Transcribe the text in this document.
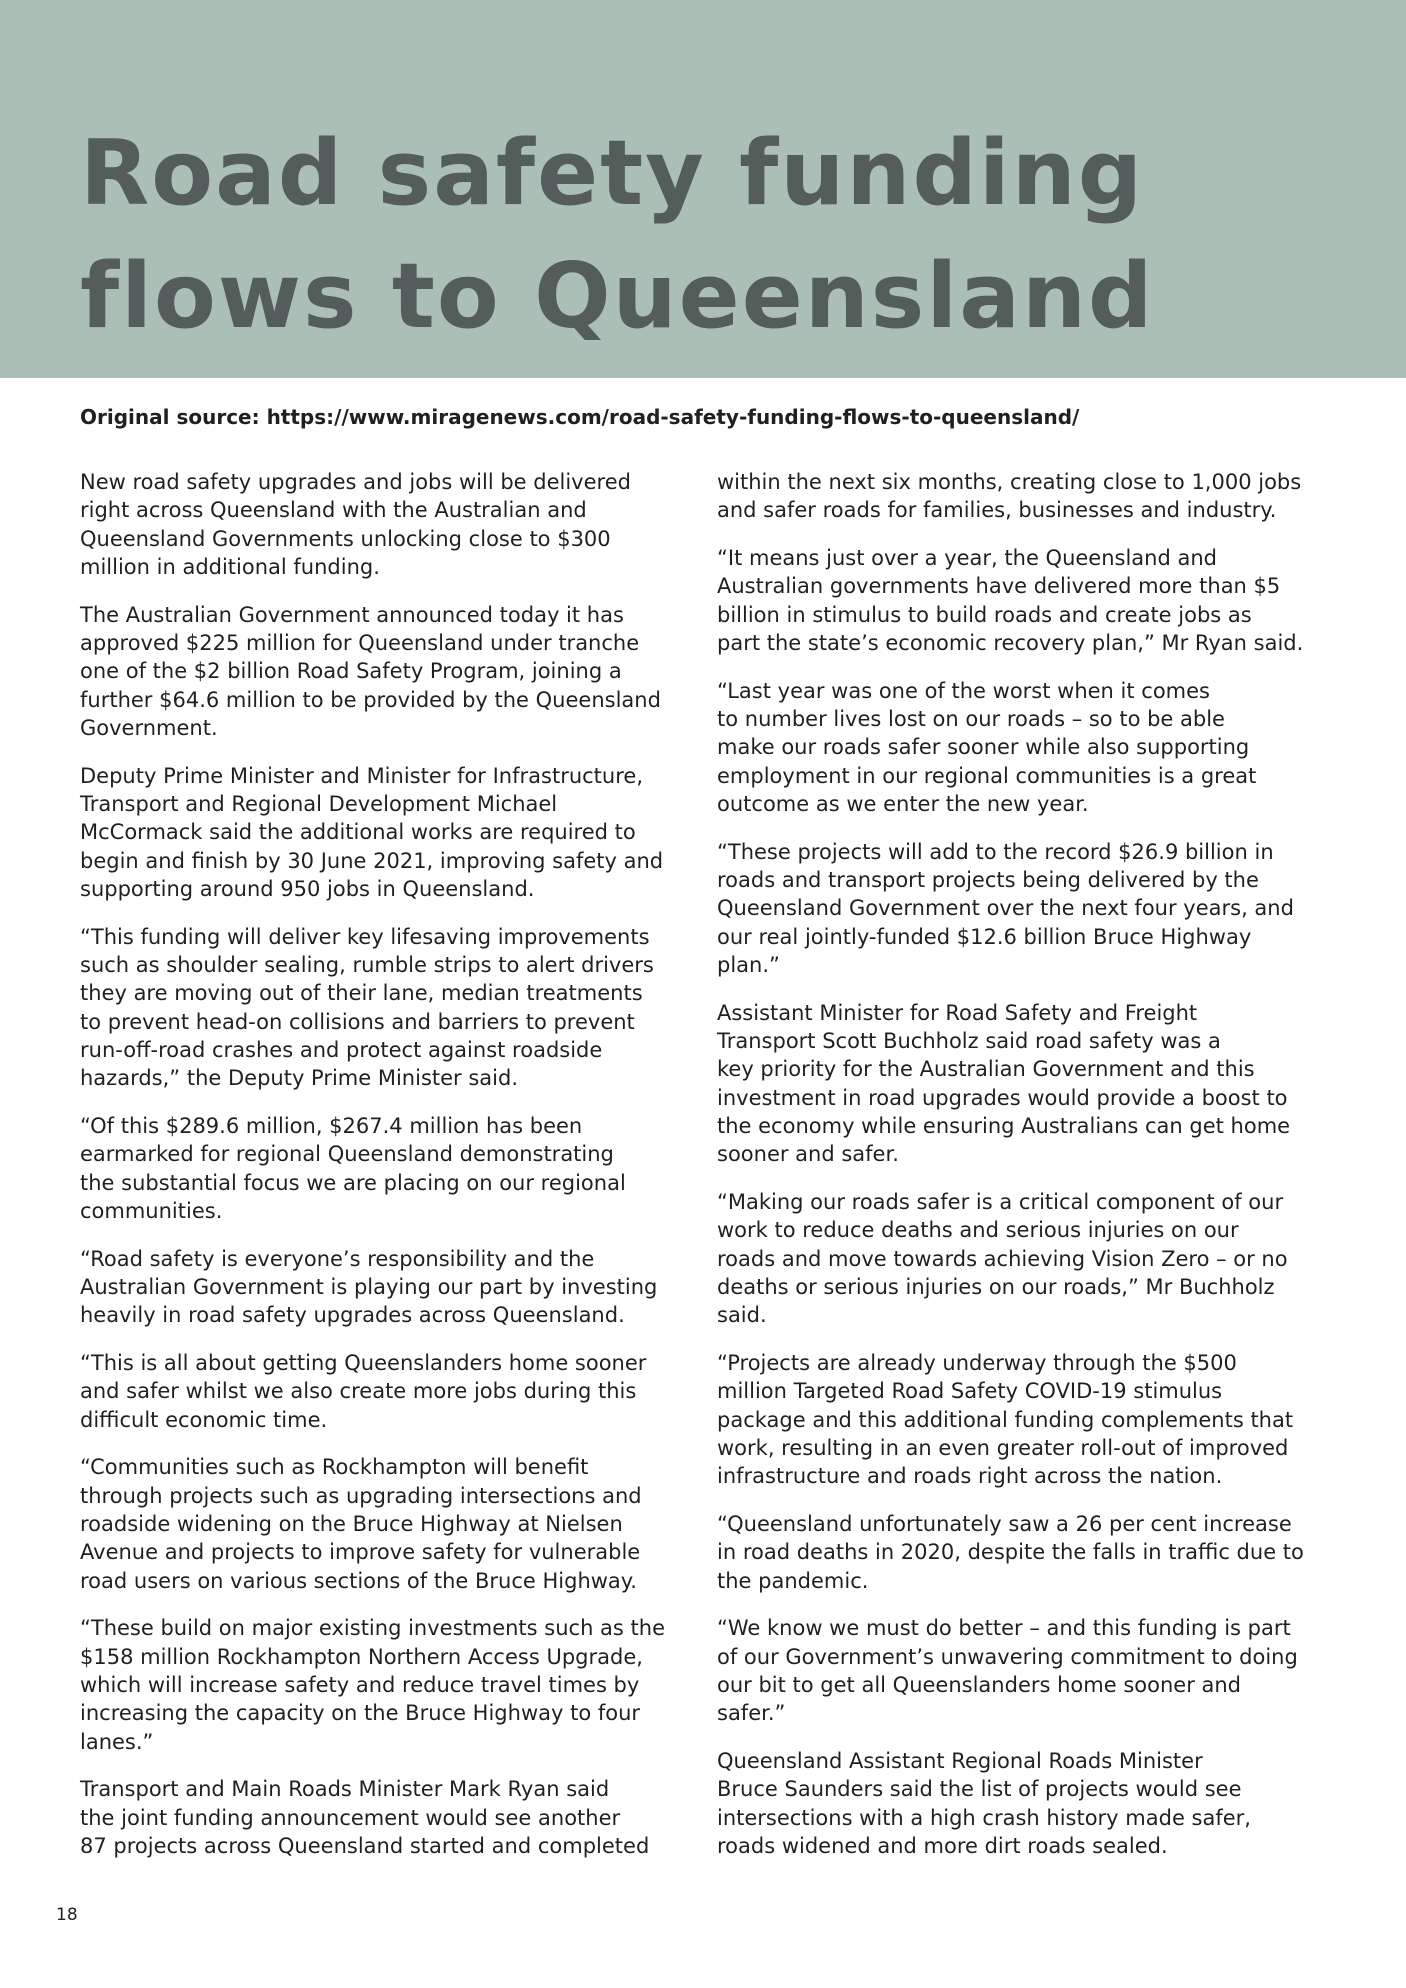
Road safety funding
flows to Queensland
Original source: https://www.miragenews.com/road-safety-funding-flows-to-queensland/

New road safety upgrades and jobs will be delivered
right across Queensland with the Australian and
Queensland Governments unlocking close to $300
million in additional funding.

The Australian Government announced today it has
approved $225 million for Queensland under tranche
one of the $2 billion Road Safety Program, joining a
further $64.6 million to be provided by the Queensland
Government.

Deputy Prime Minister and Minister for Infrastructure,
Transport and Regional Development Michael
McCormack said the additional works are required to
begin and finish by 30 June 2021, improving safety and
supporting around 950 jobs in Queensland.

“This funding will deliver key lifesaving improvements
such as shoulder sealing, rumble strips to alert drivers
they are moving out of their lane, median treatments
to prevent head-on collisions and barriers to prevent
run-off-road crashes and protect against roadside
hazards,” the Deputy Prime Minister said.

“Of this $289.6 million, $267.4 million has been
earmarked for regional Queensland demonstrating
the substantial focus we are placing on our regional
communities.

“Road safety is everyone’s responsibility and the
Australian Government is playing our part by investing
heavily in road safety upgrades across Queensland.

“This is all about getting Queenslanders home sooner
and safer whilst we also create more jobs during this
difficult economic time.

“Communities such as Rockhampton will benefit
through projects such as upgrading intersections and
roadside widening on the Bruce Highway at Nielsen
Avenue and projects to improve safety for vulnerable
road users on various sections of the Bruce Highway.

“These build on major existing investments such as the
$158 million Rockhampton Northern Access Upgrade,
which will increase safety and reduce travel times by
increasing the capacity on the Bruce Highway to four
lanes.”

Transport and Main Roads Minister Mark Ryan said
the joint funding announcement would see another
87 projects across Queensland started and completed

within the next six months, creating close to 1,000 jobs
and safer roads for families, businesses and industry.

“It means just over a year, the Queensland and
Australian governments have delivered more than $5
billion in stimulus to build roads and create jobs as
part the state’s economic recovery plan,” Mr Ryan said.

“Last year was one of the worst when it comes
to number lives lost on our roads – so to be able
make our roads safer sooner while also supporting
employment in our regional communities is a great
outcome as we enter the new year.

“These projects will add to the record $26.9 billion in
roads and transport projects being delivered by the
Queensland Government over the next four years, and
our real jointly-funded $12.6 billion Bruce Highway
plan.”

Assistant Minister for Road Safety and Freight
Transport Scott Buchholz said road safety was a
key priority for the Australian Government and this
investment in road upgrades would provide a boost to
the economy while ensuring Australians can get home
sooner and safer.

“Making our roads safer is a critical component of our
work to reduce deaths and serious injuries on our
roads and move towards achieving Vision Zero – or no
deaths or serious injuries on our roads,” Mr Buchholz
said.

“Projects are already underway through the $500
million Targeted Road Safety COVID-19 stimulus
package and this additional funding complements that
work, resulting in an even greater roll-out of improved
infrastructure and roads right across the nation.

“Queensland unfortunately saw a 26 per cent increase
in road deaths in 2020, despite the falls in traffic due to
the pandemic.

“We know we must do better – and this funding is part
of our Government’s unwavering commitment to doing
our bit to get all Queenslanders home sooner and
safer.”

Queensland Assistant Regional Roads Minister
Bruce Saunders said the list of projects would see
intersections with a high crash history made safer,
roads widened and more dirt roads sealed.

18
